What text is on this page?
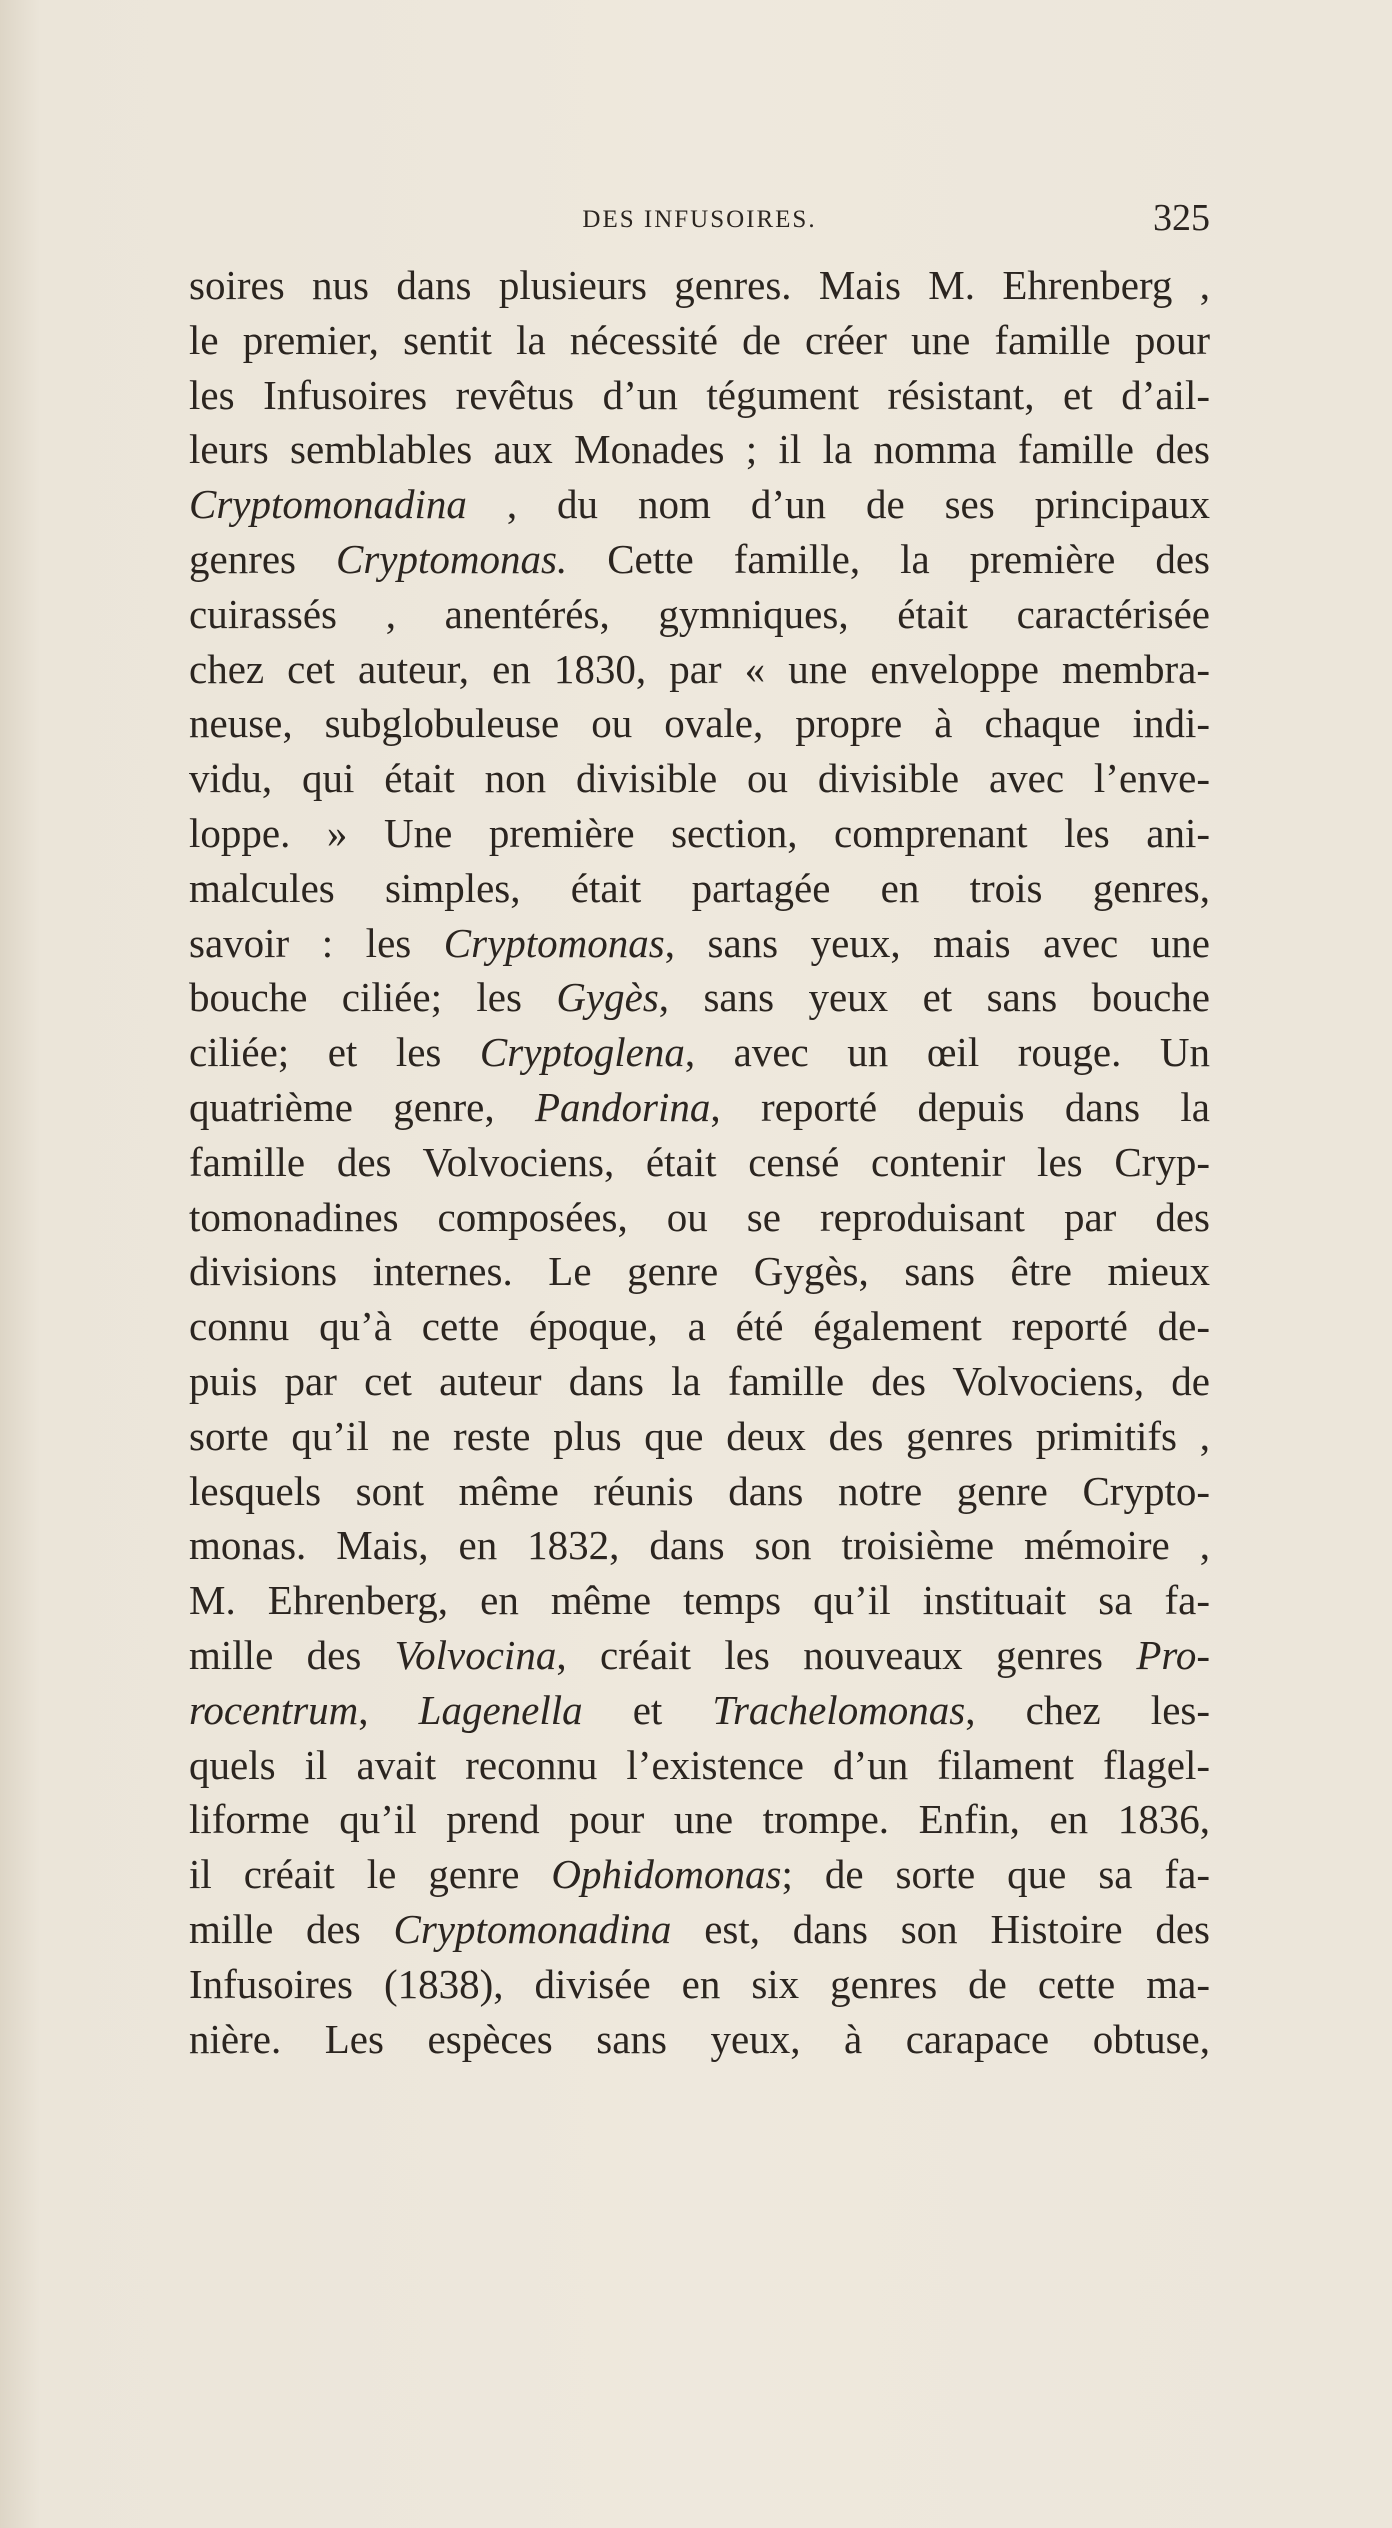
DES INFUSOIRES.	325
soires nus dans plusieurs genres. Mais M. Ehrenberg ,
le premier, sentit la nécessité de créer une famille pour
les Infusoires revêtus d’un tégument résistant, et d’ail-
leurs semblables aux Monades ; il la nomma famille des
Cryptomonadina , du nom d’un de ses principaux
genres Cryptomonas. Cette famille, la première des
cuirassés , anentérés, gymniques, était caractérisée
chez cet auteur, en 1830, par « une enveloppe membra-
neuse, subglobuleuse ou ovale, propre à chaque indi-
vidu, qui était non divisible ou divisible avec l’enve-
loppe. » Une première section, comprenant les ani-
malcules simples, était partagée en trois genres,
savoir : les Cryptomonas, sans yeux, mais avec une
bouche ciliée; les Gygès, sans yeux et sans bouche
ciliée; et les Cryptoglena, avec un œil rouge. Un
quatrième genre, Pandorina, reporté depuis dans la
famille des Volvociens, était censé contenir les Cryp-
tomonadines composées, ou se reproduisant par des
divisions internes. Le genre Gygès, sans être mieux
connu qu’à cette époque, a été également reporté de-
puis par cet auteur dans la famille des Volvociens, de
sorte qu’il ne reste plus que deux des genres primitifs ,
lesquels sont même réunis dans notre genre Crypto-
monas. Mais, en 1832, dans son troisième mémoire ,
M. Ehrenberg, en même temps qu’il instituait sa fa-
mille des Volvocina, créait les nouveaux genres Pro-
rocentrum, Lagenella et Trachelomonas, chez les-
quels il avait reconnu l’existence d’un filament flagel-
liforme qu’il prend pour une trompe. Enfin, en 1836,
il créait le genre Ophidomonas; de sorte que sa fa-
mille des Cryptomonadina est, dans son Histoire des
Infusoires (1838), divisée en six genres de cette ma-
nière. Les espèces sans yeux, à carapace obtuse,
